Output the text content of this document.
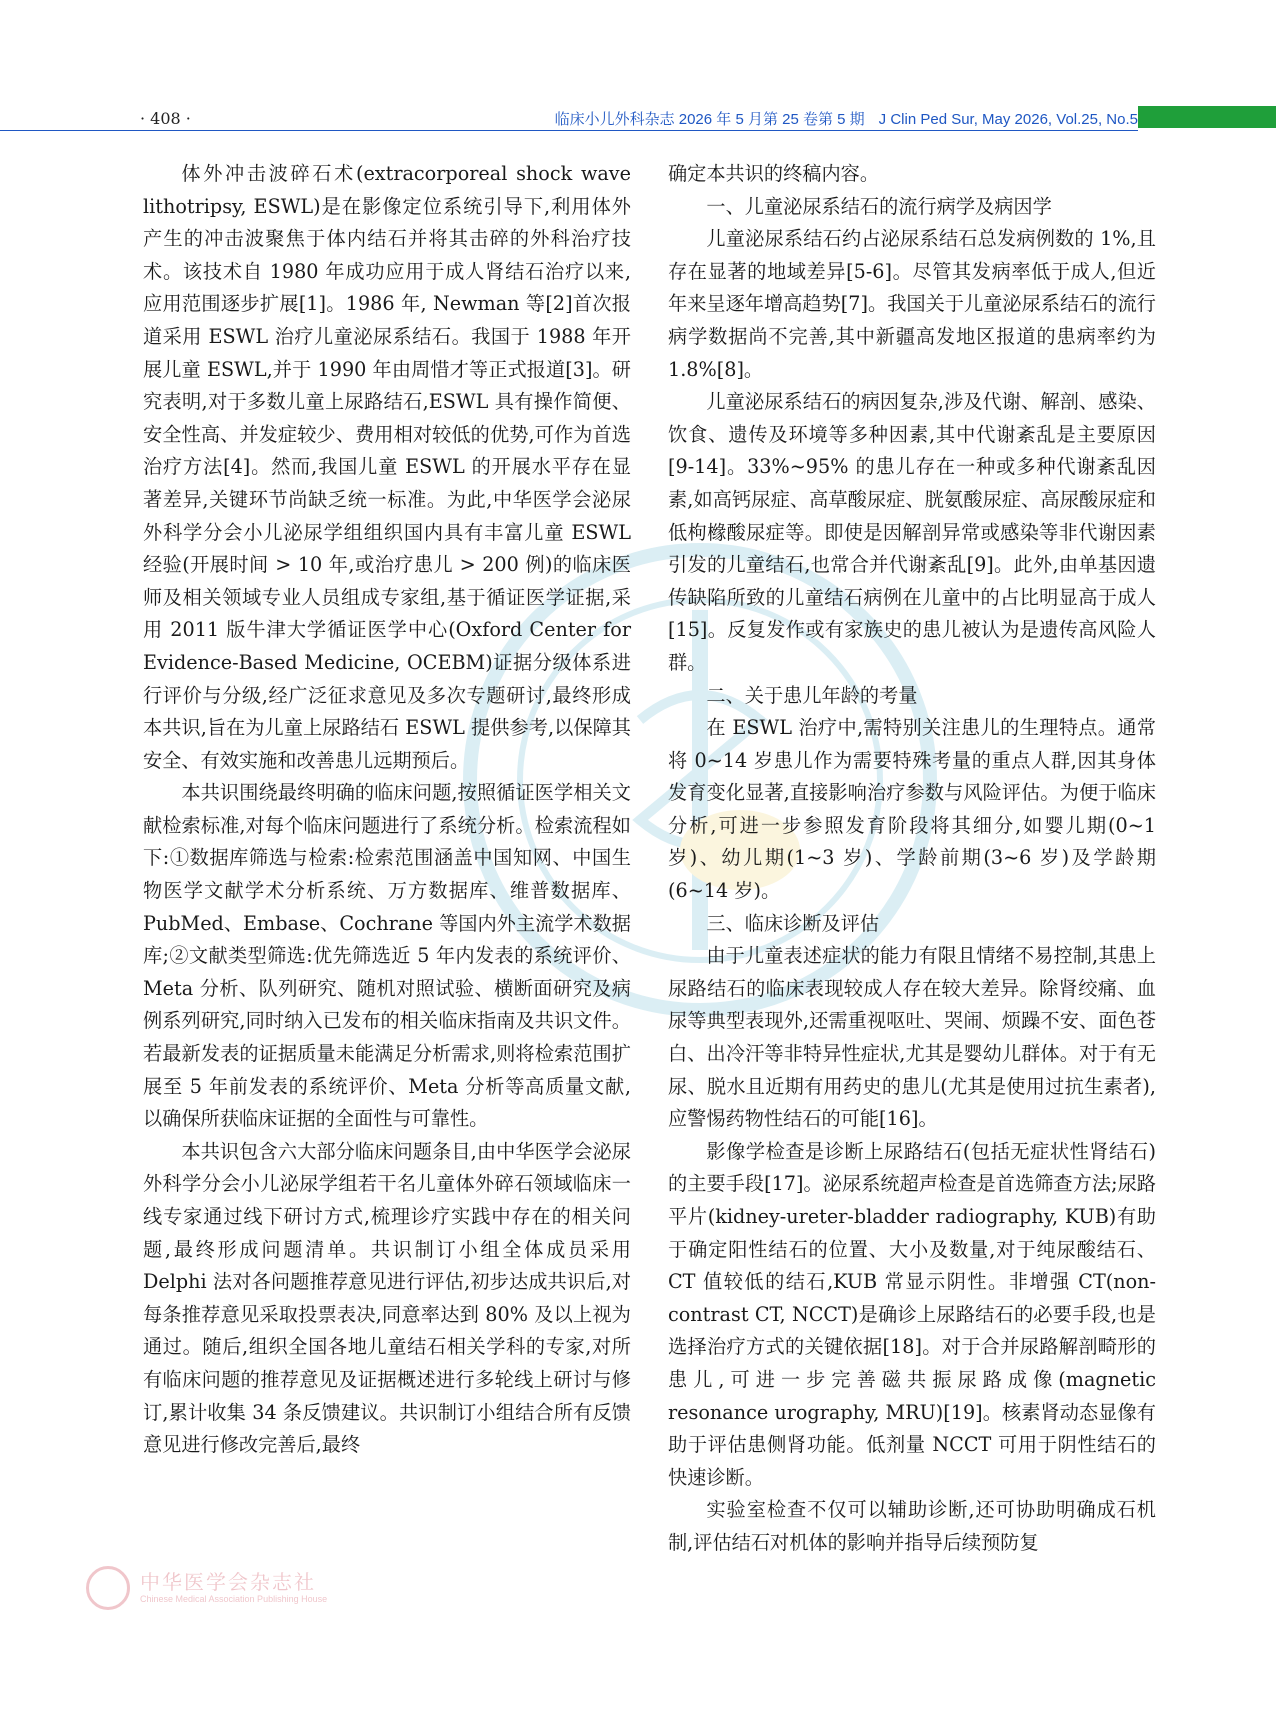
· 408 ·	临床小儿外科杂志 2026 年 5 月第 25 卷第 5 期 J Clin Ped Sur, May 2026, Vol.25, No.5

体外冲击波碎石术(extracorporeal shock wave lithotripsy, ESWL)是在影像定位系统引导下,利用体外产生的冲击波聚焦于体内结石并将其击碎的外科治疗技术。该技术自 1980 年成功应用于成人肾结石治疗以来,应用范围逐步扩展[1]。1986 年, Newman 等[2]首次报道采用 ESWL 治疗儿童泌尿系结石。我国于 1988 年开展儿童 ESWL,并于 1990 年由周惜才等正式报道[3]。研究表明,对于多数儿童上尿路结石,ESWL 具有操作简便、安全性高、并发症较少、费用相对较低的优势,可作为首选治疗方法[4]。然而,我国儿童 ESWL 的开展水平存在显著差异,关键环节尚缺乏统一标准。为此,中华医学会泌尿外科学分会小儿泌尿学组组织国内具有丰富儿童 ESWL 经验(开展时间 > 10 年,或治疗患儿 > 200 例)的临床医师及相关领域专业人员组成专家组,基于循证医学证据,采用 2011 版牛津大学循证医学中心(Oxford Center for Evidence-Based Medicine, OCEBM)证据分级体系进行评价与分级,经广泛征求意见及多次专题研讨,最终形成本共识,旨在为儿童上尿路结石 ESWL 提供参考,以保障其安全、有效实施和改善患儿远期预后。

本共识围绕最终明确的临床问题,按照循证医学相关文献检索标准,对每个临床问题进行了系统分析。检索流程如下:①数据库筛选与检索:检索范围涵盖中国知网、中国生物医学文献学术分析系统、万方数据库、维普数据库、PubMed、Embase、Cochrane 等国内外主流学术数据库;②文献类型筛选:优先筛选近 5 年内发表的系统评价、Meta 分析、队列研究、随机对照试验、横断面研究及病例系列研究,同时纳入已发布的相关临床指南及共识文件。若最新发表的证据质量未能满足分析需求,则将检索范围扩展至 5 年前发表的系统评价、Meta 分析等高质量文献,以确保所获临床证据的全面性与可靠性。

本共识包含六大部分临床问题条目,由中华医学会泌尿外科学分会小儿泌尿学组若干名儿童体外碎石领域临床一线专家通过线下研讨方式,梳理诊疗实践中存在的相关问题,最终形成问题清单。共识制订小组全体成员采用 Delphi 法对各问题推荐意见进行评估,初步达成共识后,对每条推荐意见采取投票表决,同意率达到 80% 及以上视为通过。随后,组织全国各地儿童结石相关学科的专家,对所有临床问题的推荐意见及证据概述进行多轮线上研讨与修订,累计收集 34 条反馈建议。共识制订小组结合所有反馈意见进行修改完善后,最终

确定本共识的终稿内容。

一、儿童泌尿系结石的流行病学及病因学

儿童泌尿系结石约占泌尿系结石总发病例数的 1%,且存在显著的地域差异[5-6]。尽管其发病率低于成人,但近年来呈逐年增高趋势[7]。我国关于儿童泌尿系结石的流行病学数据尚不完善,其中新疆高发地区报道的患病率约为 1.8%[8]。

儿童泌尿系结石的病因复杂,涉及代谢、解剖、感染、饮食、遗传及环境等多种因素,其中代谢紊乱是主要原因[9-14]。33%~95% 的患儿存在一种或多种代谢紊乱因素,如高钙尿症、高草酸尿症、胱氨酸尿症、高尿酸尿症和低枸橼酸尿症等。即使是因解剖异常或感染等非代谢因素引发的儿童结石,也常合并代谢紊乱[9]。此外,由单基因遗传缺陷所致的儿童结石病例在儿童中的占比明显高于成人[15]。反复发作或有家族史的患儿被认为是遗传高风险人群。

二、关于患儿年龄的考量

在 ESWL 治疗中,需特别关注患儿的生理特点。通常将 0~14 岁患儿作为需要特殊考量的重点人群,因其身体发育变化显著,直接影响治疗参数与风险评估。为便于临床分析,可进一步参照发育阶段将其细分,如婴儿期(0~1 岁)、幼儿期(1~3 岁)、学龄前期(3~6 岁)及学龄期(6~14 岁)。

三、临床诊断及评估

由于儿童表述症状的能力有限且情绪不易控制,其患上尿路结石的临床表现较成人存在较大差异。除肾绞痛、血尿等典型表现外,还需重视呕吐、哭闹、烦躁不安、面色苍白、出冷汗等非特异性症状,尤其是婴幼儿群体。对于有无尿、脱水且近期有用药史的患儿(尤其是使用过抗生素者),应警惕药物性结石的可能[16]。

影像学检查是诊断上尿路结石(包括无症状性肾结石)的主要手段[17]。泌尿系统超声检查是首选筛查方法;尿路平片(kidney-ureter-bladder radiography, KUB)有助于确定阳性结石的位置、大小及数量,对于纯尿酸结石、CT 值较低的结石,KUB 常显示阴性。非增强 CT(non-contrast CT, NCCT)是确诊上尿路结石的必要手段,也是选择治疗方式的关键依据[18]。对于合并尿路解剖畸形的患儿,可进一步完善磁共振尿路成像(magnetic resonance urography, MRU)[19]。核素肾动态显像有助于评估患侧肾功能。低剂量 NCCT 可用于阴性结石的快速诊断。

实验室检查不仅可以辅助诊断,还可协助明确成石机制,评估结石对机体的影响并指导后续预防复

中华医学会杂志社
Chinese Medical Association Publishing House
